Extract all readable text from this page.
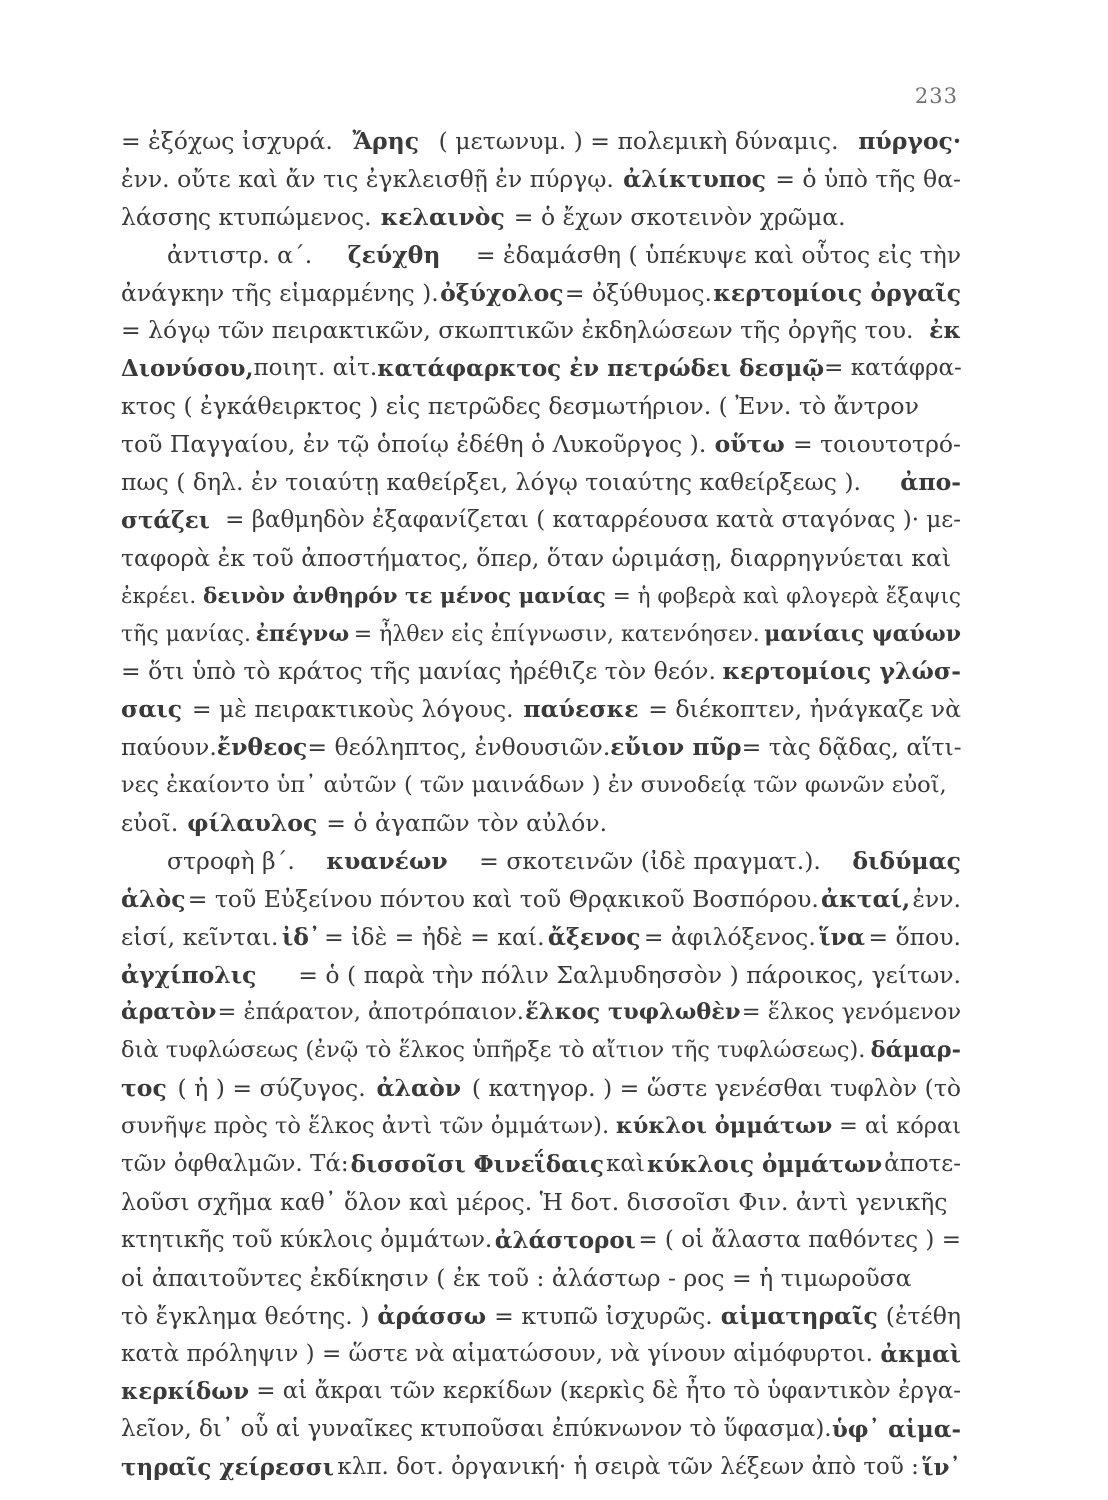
233
= ἐξόχως ἰσχυρά. Ἄρης ( μετωνυμ. ) = πολεμικὴ δύναμις. πύργος·
ἐνν. οὔτε καὶ ἄν τις ἐγκλεισθῇ ἐν πύργῳ. ἀλίκτυπος = ὁ ὑπὸ τῆς θα-
λάσσης κτυπώμενος. κελαινὸς = ὁ ἔχων σκοτεινὸν χρῶμα.
ἀντιστρ. α΄. ζεύχθη = ἐδαμάσθη ( ὑπέκυψε καὶ οὗτος εἰς τὴν
ἀνάγκην τῆς εἱμαρμένης ). ὀξύχολος = ὀξύθυμος. κερτομίοις ὀργαῖς
= λόγῳ τῶν πειρακτικῶν, σκωπτικῶν ἐκδηλώσεων τῆς ὀργῆς του. ἐκ
Διονύσου, ποιητ. αἰτ. κατάφαρκτος ἐν πετρώδει δεσμῷ = κατάφρα-
κτος ( ἐγκάθειρκτος ) εἰς πετρῶδες δεσμωτήριον. ( Ἐνν. τὸ ἄντρον
τοῦ Παγγαίου, ἐν τῷ ὁποίῳ ἐδέθη ὁ Λυκοῦργος ). οὕτω = τοιουτοτρό-
πως ( δηλ. ἐν τοιαύτῃ καθείρξει, λόγῳ τοιαύτης καθείρξεως ). ἀπο-
στάζει = βαθμηδὸν ἐξαφανίζεται ( καταρρέουσα κατὰ σταγόνας )· με-
ταφορὰ ἐκ τοῦ ἀποστήματος, ὅπερ, ὅταν ὡριμάσῃ, διαρρηγνύεται καὶ
ἐκρέει. δεινὸν ἀνθηρόν τε μένος μανίας = ἡ φοβερὰ καὶ φλογερὰ ἔξαψις
τῆς μανίας. ἐπέγνω = ἦλθεν εἰς ἐπίγνωσιν, κατενόησεν. μανίαις ψαύων
= ὅτι ὑπὸ τὸ κράτος τῆς μανίας ἠρέθιζε τὸν θεόν. κερτομίοις γλώσ-
σαις = μὲ πειρακτικοὺς λόγους. παύεσκε = διέκοπτεν, ἠνάγκαζε νὰ
παύουν. ἔνθεος = θεόληπτος, ἐνθουσιῶν. εὔιον πῦρ = τὰς δᾷδας, αἵτι-
νες ἐκαίοντο ὑπ᾽ αὐτῶν ( τῶν μαινάδων ) ἐν συνοδείᾳ τῶν φωνῶν εὐοῖ,
εὐοῖ. φίλαυλος = ὁ ἀγαπῶν τὸν αὐλόν.
στροφὴ β΄. κυανέων = σκοτεινῶν (ἰδὲ πραγματ.). διδύμας
ἁλὸς = τοῦ Εὐξείνου πόντου καὶ τοῦ Θρᾳκικοῦ Βοσπόρου. ἀκταί, ἐνν.
εἰσί, κεῖνται. ἰδ᾽ = ἰδὲ = ἠδὲ = καί. ἄξενος = ἀφιλόξενος. ἵνα = ὅπου.
ἀγχίπολις = ὁ ( παρὰ τὴν πόλιν Σαλμυδησσὸν ) πάροικος, γείτων.
ἀρατὸν = ἐπάρατον, ἀποτρόπαιον. ἕλκος τυφλωθὲν = ἕλκος γενόμενον
διὰ τυφλώσεως (ἐνῷ τὸ ἕλκος ὑπῆρξε τὸ αἴτιον τῆς τυφλώσεως). δάμαρ-
τος ( ἡ ) = σύζυγος. ἀλαὸν ( κατηγορ. ) = ὥστε γενέσθαι τυφλὸν (τὸ
συνῆψε πρὸς τὸ ἕλκος ἀντὶ τῶν ὀμμάτων). κύκλοι ὀμμάτων = αἱ κόραι
τῶν ὀφθαλμῶν. Τά: δισσοῖσι Φινεΐδαις καὶ κύκλοις ὀμμάτων ἀποτε-
λοῦσι σχῆμα καθ᾽ ὅλον καὶ μέρος. Ἡ δοτ. δισσοῖσι Φιν. ἀντὶ γενικῆς
κτητικῆς τοῦ κύκλοις ὀμμάτων. ἀλάστοροι = ( οἱ ἄλαστα παθόντες ) =
οἱ ἀπαιτοῦντες ἐκδίκησιν ( ἐκ τοῦ : ἀλάστωρ - ρος = ἡ τιμωροῦσα
τὸ ἔγκλημα θεότης. ) ἀράσσω = κτυπῶ ἰσχυρῶς. αἱματηραῖς (ἐτέθη
κατὰ πρόληψιν ) = ὥστε νὰ αἱματώσουν, νὰ γίνουν αἱμόφυρτοι. ἀκμαὶ
κερκίδων = αἱ ἄκραι τῶν κερκίδων (κερκὶς δὲ ἦτο τὸ ὑφαντικὸν ἐργα-
λεῖον, δι᾽ οὗ αἱ γυναῖκες κτυποῦσαι ἐπύκνωνον τὸ ὕφασμα). ὑφ᾽ αἱμα-
τηραῖς χείρεσσι κλπ. δοτ. ὀργανική· ἡ σειρὰ τῶν λέξεων ἀπὸ τοῦ : ἵν᾽
